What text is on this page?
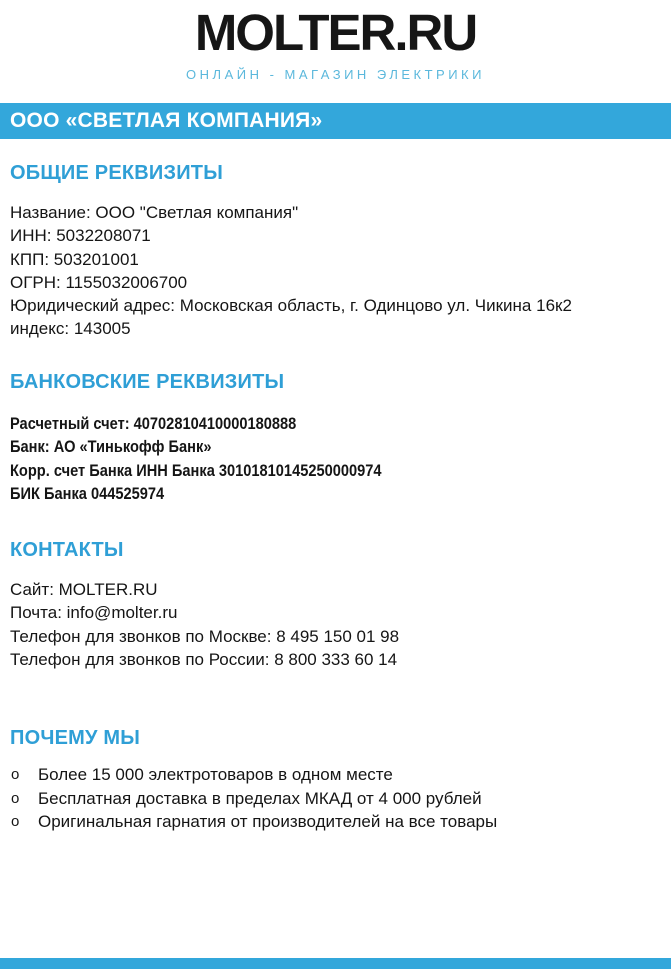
MOLTER.RU
ОНЛАЙН - МАГАЗИН ЭЛЕКТРИКИ
ООО «СВЕТЛАЯ КОМПАНИЯ»
ОБЩИЕ РЕКВИЗИТЫ

Название: ООО "Светлая компания"

ИНН: 5032208071

КПП: 503201001

ОГРН: 1155032006700

Юридический адрес: Московская область, г. Одинцово ул. Чикина 16к2

индекс: 143005

БАНКОВСКИЕ РЕКВИЗИТЫ

Расчетный счет: 40702810410000180888

Банк: АО «Тинькофф Банк»

Корр. счет Банка ИНН Банка 30101810145250000974

БИК Банка 044525974

КОНТАКТЫ

Сайт: MOLTER.RU

Почта: info@molter.ru

Телефон для звонков по Москве: 8 495 150 01 98

Телефон для звонков по России: 8 800 333 60 14

ПОЧЕМУ МЫ
o Более 15 000 электротоваров в одном месте
o Бесплатная доставка в пределах МКАД от 4 000 рублей
o Оригинальная гарнатия от производителей на все товары
